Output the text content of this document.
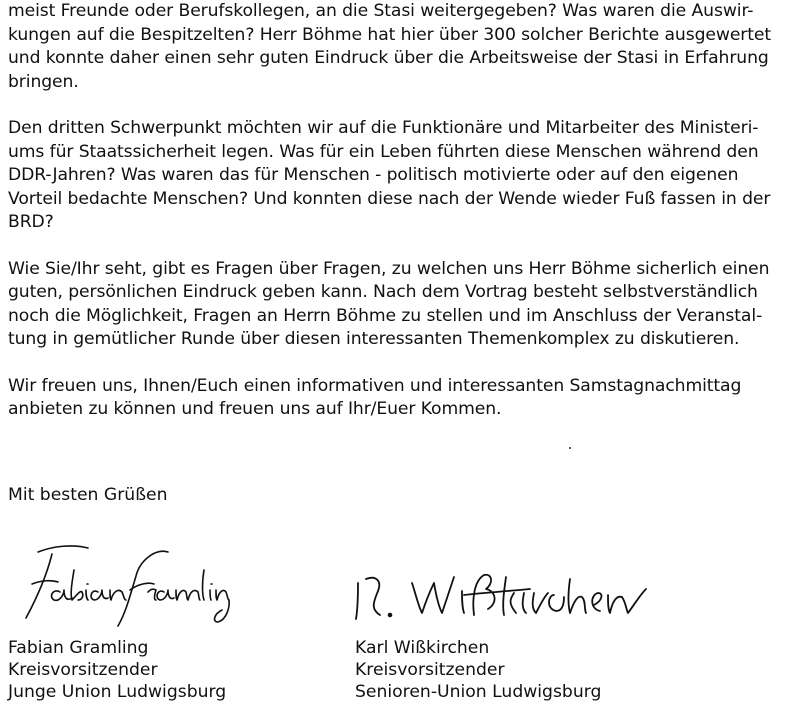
meist Freunde oder Berufskollegen, an die Stasi weitergegeben? Was waren die Auswir-
kungen auf die Bespitzelten? Herr Böhme hat hier über 300 solcher Berichte ausgewertet
und konnte daher einen sehr guten Eindruck über die Arbeitsweise der Stasi in Erfahrung
bringen.

Den dritten Schwerpunkt möchten wir auf die Funktionäre und Mitarbeiter des Ministeri-
ums für Staatssicherheit legen. Was für ein Leben führten diese Menschen während den
DDR-Jahren? Was waren das für Menschen - politisch motivierte oder auf den eigenen
Vorteil bedachte Menschen? Und konnten diese nach der Wende wieder Fuß fassen in der
BRD?

Wie Sie/Ihr seht, gibt es Fragen über Fragen, zu welchen uns Herr Böhme sicherlich einen
guten, persönlichen Eindruck geben kann. Nach dem Vortrag besteht selbstverständlich
noch die Möglichkeit, Fragen an Herrn Böhme zu stellen und im Anschluss der Veranstal-
tung in gemütlicher Runde über diesen interessanten Themenkomplex zu diskutieren.

Wir freuen uns, Ihnen/Euch einen informativen und interessanten Samstagnachmittag
anbieten zu können und freuen uns auf Ihr/Euer Kommen.

Mit besten Grüßen
Fabian Gramling
Kreisvorsitzender
Junge Union Ludwigsburg
Karl Wißkirchen
Kreisvorsitzender
Senioren-Union Ludwigsburg
